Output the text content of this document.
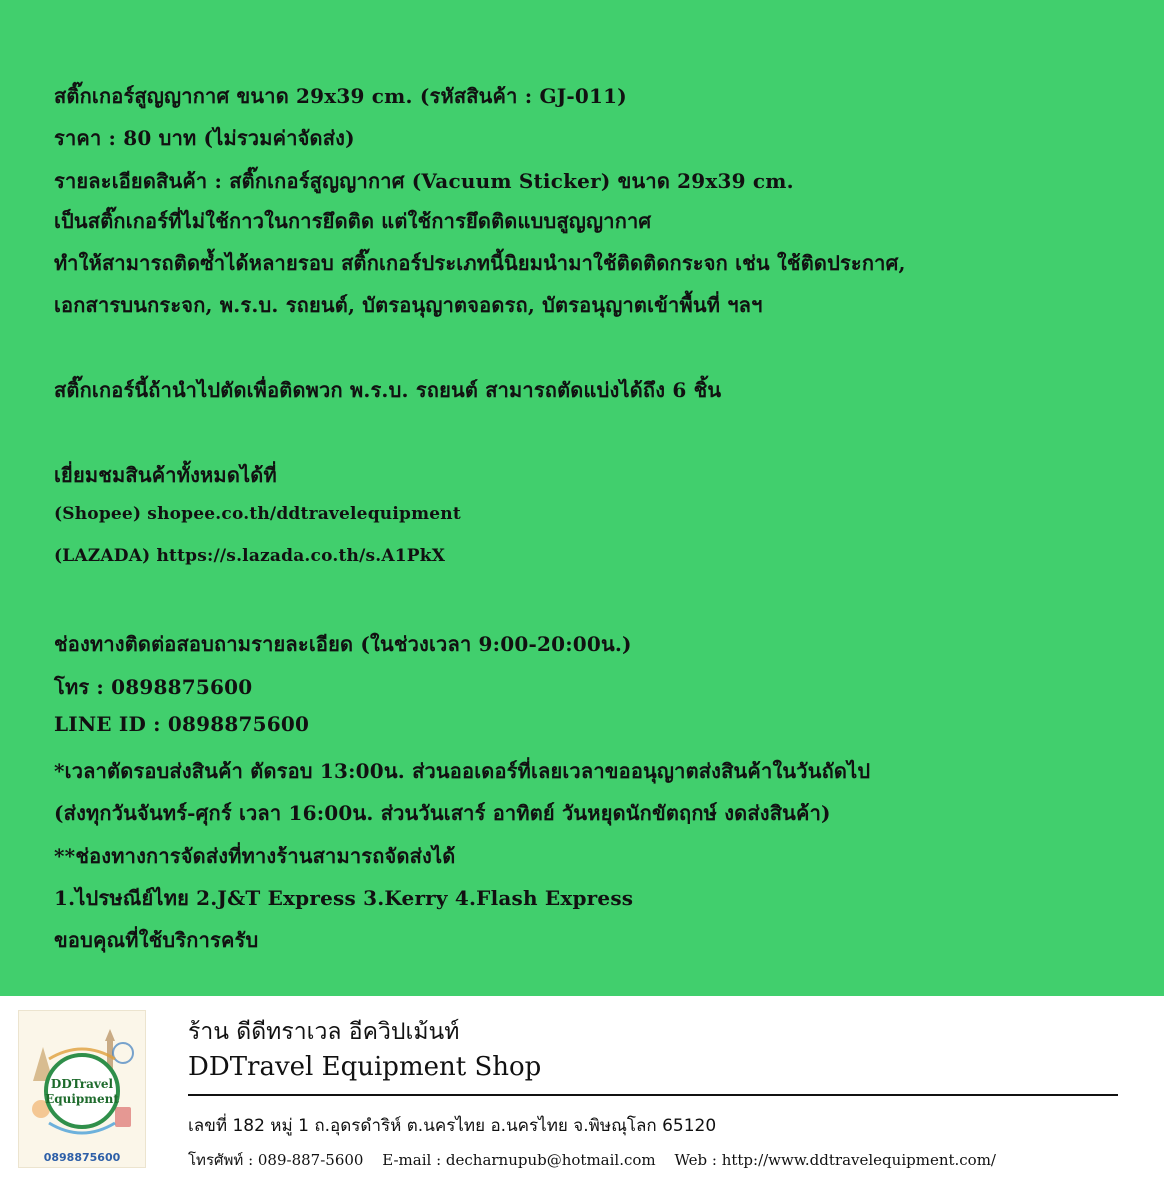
สติ๊กเกอร์สูญญากาศ ขนาด 29x39 cm. (รหัสสินค้า : GJ-011)
ราคา : 80 บาท (ไม่รวมค่าจัดส่ง)
รายละเอียดสินค้า : สติ๊กเกอร์สูญญากาศ (Vacuum Sticker) ขนาด 29x39 cm.
เป็นสติ๊กเกอร์ที่ไม่ใช้กาวในการยึดติด แต่ใช้การยึดติดแบบสูญญากาศ
ทำให้สามารถติดซ้ำได้หลายรอบ สติ๊กเกอร์ประเภทนี้นิยมนำมาใช้ติดติดกระจก เช่น ใช้ติดประกาศ,
เอกสารบนกระจก, พ.ร.บ. รถยนต์, บัตรอนุญาตจอดรถ, บัตรอนุญาตเข้าพื้นที่ ฯลฯ
สติ๊กเกอร์นี้ถ้านำไปตัดเพื่อติดพวก พ.ร.บ. รถยนต์ สามารถตัดแบ่งได้ถึง 6 ชิ้น
เยี่ยมชมสินค้าทั้งหมดได้ที่
(Shopee) shopee.co.th/ddtravelequipment
(LAZADA) https://s.lazada.co.th/s.A1PkX
ช่องทางติดต่อสอบถามรายละเอียด (ในช่วงเวลา 9:00-20:00น.)
โทร : 0898875600
LINE ID : 0898875600
*เวลาตัดรอบส่งสินค้า ตัดรอบ 13:00น. ส่วนออเดอร์ที่เลยเวลาขออนุญาตส่งสินค้าในวันถัดไป
(ส่งทุกวันจันทร์-ศุกร์ เวลา 16:00น. ส่วนวันเสาร์ อาทิตย์ วันหยุดนักขัตฤกษ์ งดส่งสินค้า)
**ช่องทางการจัดส่งที่ทางร้านสามารถจัดส่งได้
1.ไปรษณีย์ไทย 2.J&T Express 3.Kerry 4.Flash Express
ขอบคุณที่ใช้บริการครับ
DDTravel
Equipment
0898875600
ร้าน ดีดีทราเวล อีควิปเม้นท์
DDTravel Equipment Shop
เลขที่ 182 หมู่ 1 ถ.อุดรดำริห์ ต.นครไทย อ.นครไทย จ.พิษณุโลก 65120
โทรศัพท์ : 089-887-5600 E-mail : decharnupub@hotmail.com Web : http://www.ddtravelequipment.com/
